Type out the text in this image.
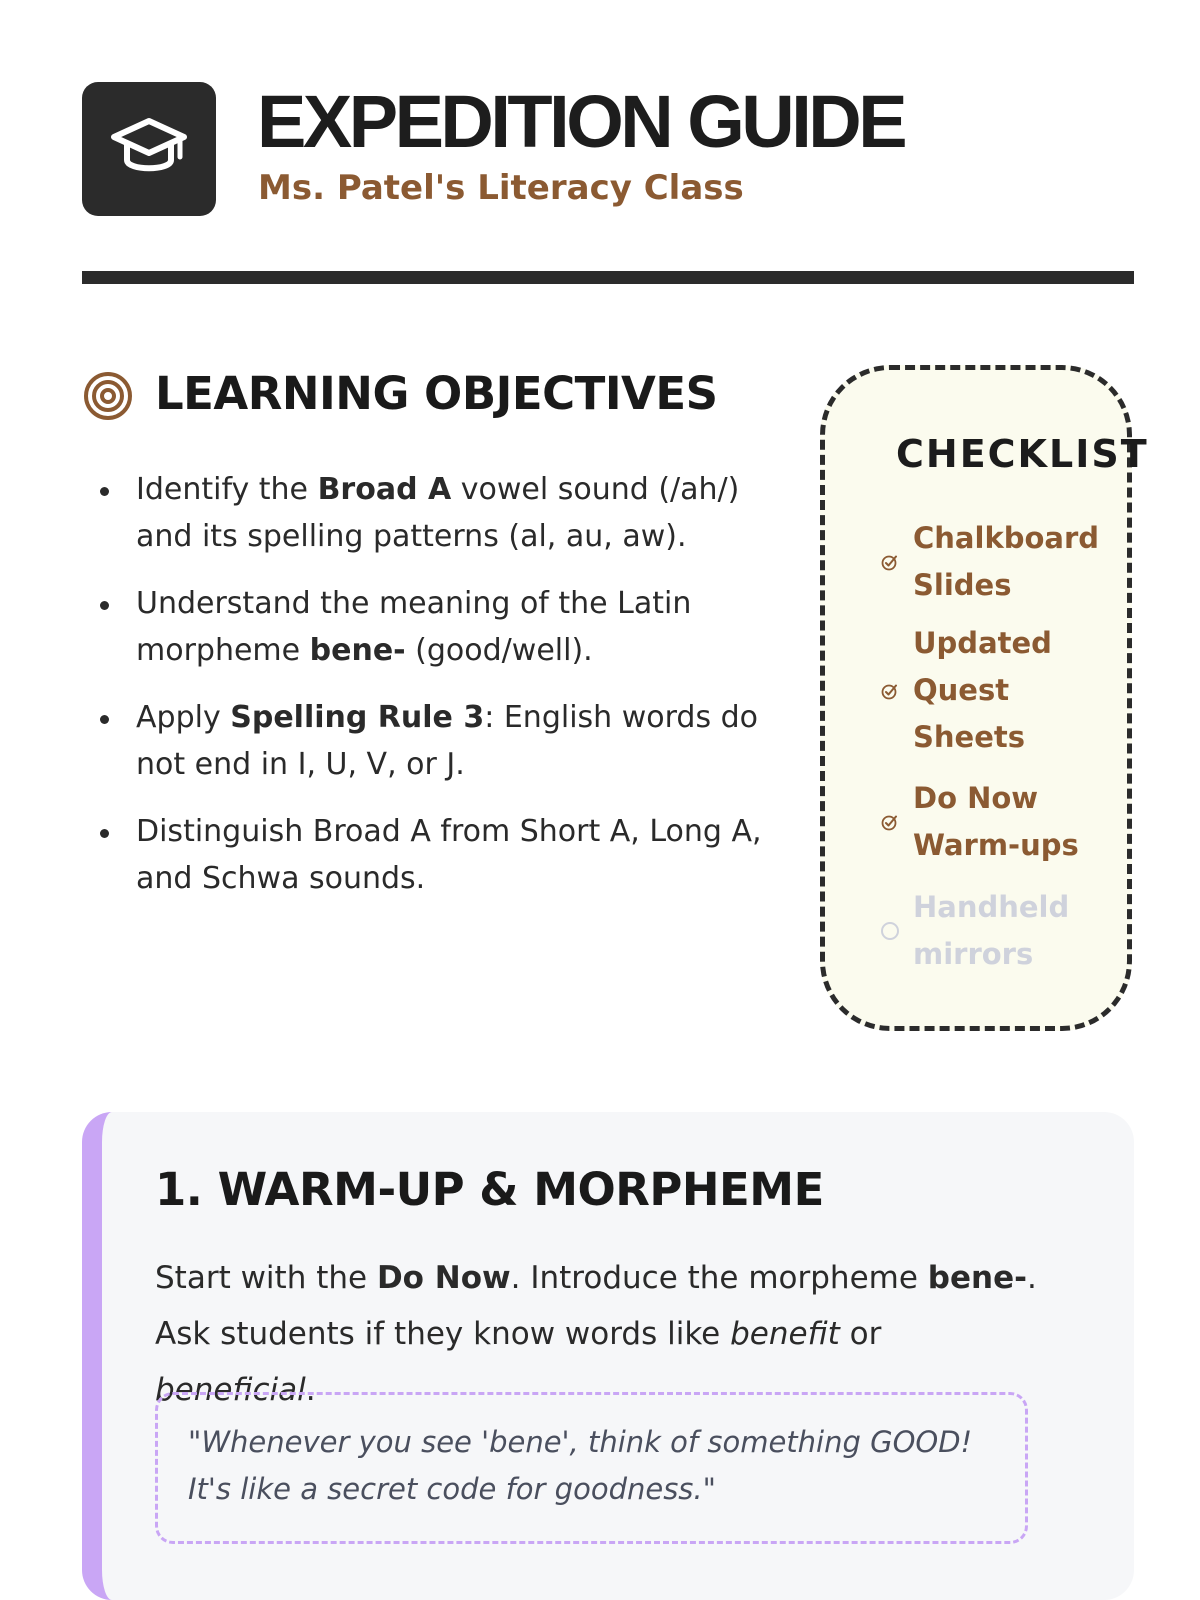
EXPEDITION GUIDE
Ms. Patel's Literacy Class
LEARNING OBJECTIVES
Identify the Broad A vowel sound (/ah/) and its spelling patterns (al, au, aw).
Understand the meaning of the Latin morpheme bene- (good/well).
Apply Spelling Rule 3: English words do not end in I, U, V, or J.
Distinguish Broad A from Short A, Long A, and Schwa sounds.
CHECKLIST
Chalkboard Slides
Updated Quest Sheets
Do Now Warm-ups
Handheld mirrors
1. WARM-UP & MORPHEME

Start with the Do Now. Introduce the morpheme bene-. Ask students if they know words like benefit or beneficial.

"Whenever you see 'bene', think of something GOOD! It's like a secret code for goodness."
